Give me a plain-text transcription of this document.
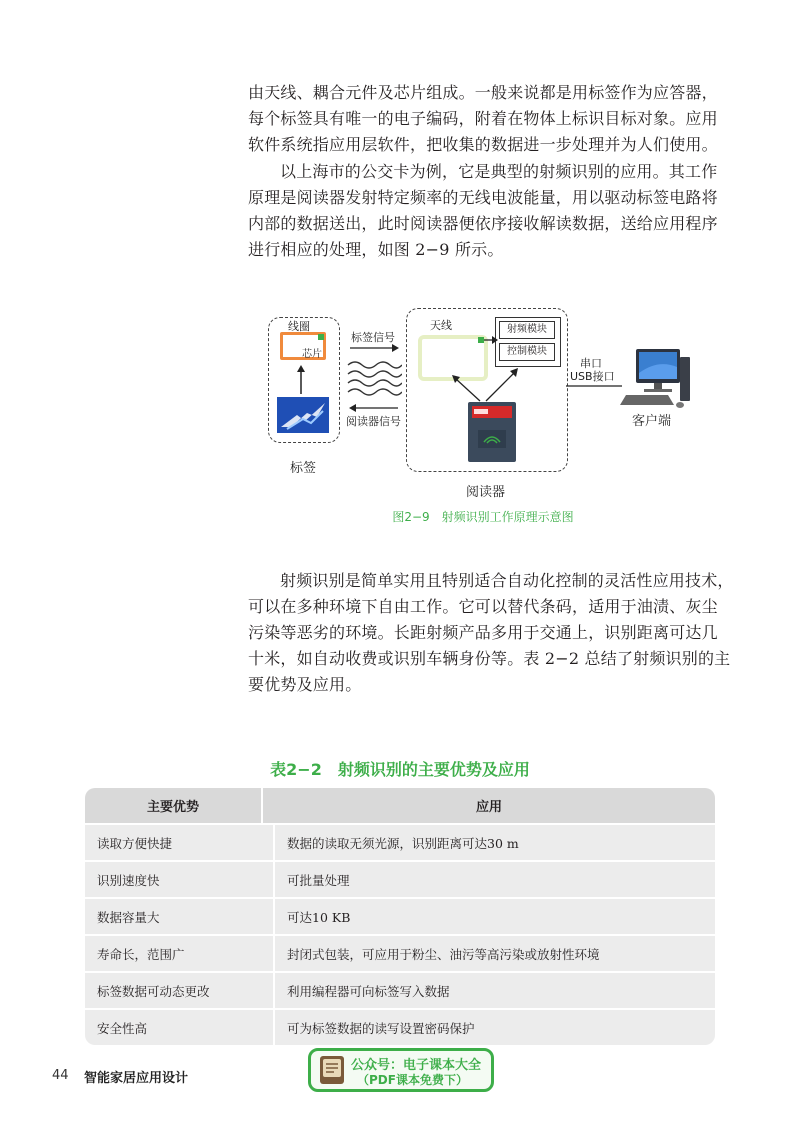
由天线、耦合元件及芯片组成。一般来说都是用标签作为应答器，
每个标签具有唯一的电子编码，附着在物体上标识目标对象。应用
软件系统指应用层软件，把收集的数据进一步处理并为人们使用。
以上海市的公交卡为例，它是典型的射频识别的应用。其工作
原理是阅读器发射特定频率的无线电波能量，用以驱动标签电路将
内部的数据送出，此时阅读器便依序接收解读数据，送给应用程序
进行相应的处理，如图 2−9 所示。
线圈
芯片
标签
标签信号
阅读器信号
天线	射频模块
控制模块
阅读器
串口
USB接口
客户端
图2−9　射频识别工作原理示意图
射频识别是简单实用且特别适合自动化控制的灵活性应用技术，
可以在多种环境下自由工作。它可以替代条码，适用于油渍、灰尘
污染等恶劣的环境。长距射频产品多用于交通上，识别距离可达几
十米，如自动收费或识别车辆身份等。表 2−2 总结了射频识别的主
要优势及应用。
表2−2　射频识别的主要优势及应用
主要优势	应用
读取方便快捷	数据的读取无须光源，识别距离可达30 m
识别速度快	可批量处理
数据容量大	可达10 KB
寿命长，范围广	封闭式包装，可应用于粉尘、油污等高污染或放射性环境
标签数据可动态更改	利用编程器可向标签写入数据
安全性高	可为标签数据的读写设置密码保护
44 智能家居应用设计
公众号：电子课本大全
（PDF课本免费下）
